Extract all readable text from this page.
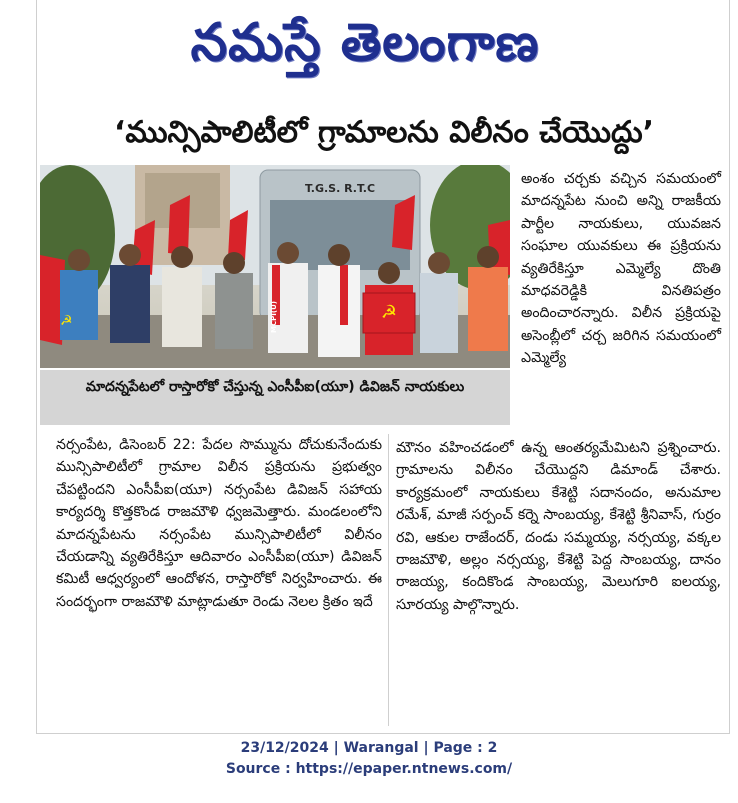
నమస్తే తెలంగాణ
‘మున్సిపాలిటీలో గ్రామాలను విలీనం చేయొద్దు’
T.G.S. R.T.C
☭
MCPI(U)
☭
మాదన్నపేటలో రాస్తారోకో చేస్తున్న ఎంసీపీఐ(యూ) డివిజన్ నాయకులు

అంశం చర్చకు వచ్చిన సమయంలో మాదన్నపేట నుంచి అన్ని రాజకీయ పార్టీల నాయకులు, యువజన సంఘాల యువకులు ఈ ప్రక్రియను వ్యతిరేకిస్తూ ఎమ్మెల్యే దొంతి మాధవరెడ్డికి వినతిపత్రం అందించారన్నారు. విలీన ప్రక్రియపై అసెంబ్లీలో చర్చ జరిగిన సమయంలో ఎమ్మెల్యే

నర్సంపేట, డిసెంబర్ 22: పేదల సొమ్మును దోచుకునేందుకు మున్సిపాలిటీలో గ్రామాల విలీన ప్రక్రియను ప్రభుత్వం చేపట్టిందని ఎంసీపీఐ(యూ) నర్సంపేట డివిజన్ సహాయ కార్యదర్శి కొత్తకొండ రాజమౌళి ధ్వజమెత్తారు. మండలంలోని మాదన్నపేటను నర్సంపేట మున్సిపాలిటీలో విలీనం చేయడాన్ని వ్యతిరేకిస్తూ ఆదివారం ఎంసీపీఐ(యూ) డివిజన్ కమిటీ ఆధ్వర్యంలో ఆందోళన, రాస్తారోకో నిర్వహించారు. ఈ సందర్భంగా రాజమౌళి మాట్లాడుతూ రెండు నెలల క్రితం ఇదే

మౌనం వహించడంలో ఉన్న ఆంతర్యమేమిటని ప్రశ్నించారు. గ్రామాలను విలీనం చేయొద్దని డిమాండ్ చేశారు. కార్యక్రమంలో నాయకులు కేశెట్టి సదానందం, అనుమాల రమేశ్, మాజీ సర్పంచ్ కర్నె సాంబయ్య, కేశెట్టి శ్రీనివాస్, గుర్రం రవి, ఆకుల రాజేందర్, దండు సమ్మయ్య, నర్సయ్య, వక్కల రాజమౌళి, అల్లం నర్సయ్య, కేశెట్టి పెద్ద సాంబయ్య, దానం రాజయ్య, కందికొండ సాంబయ్య, మెలుగూరి ఐలయ్య, సూరయ్య పాల్గొన్నారు.

23/12/2024 | Warangal | Page : 2
Source : https://epaper.ntnews.com/
